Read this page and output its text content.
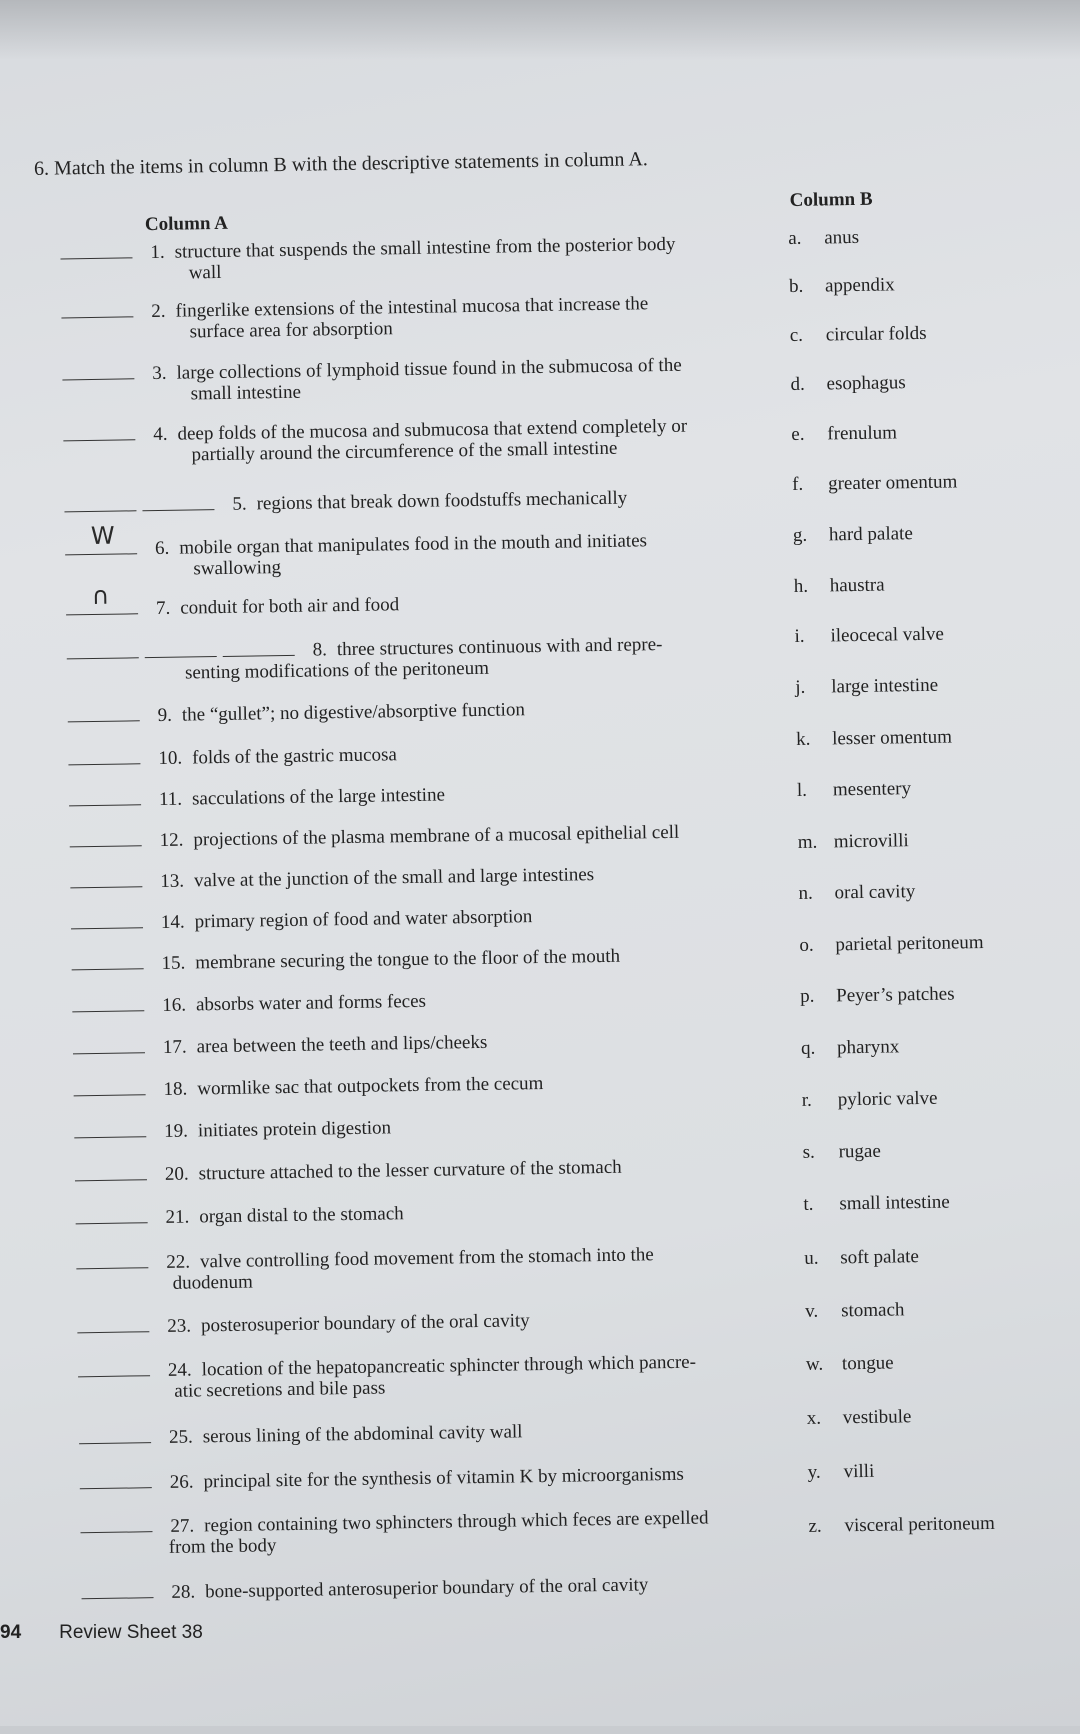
6. Match the items in column B with the descriptive statements in column A.
Column A
Column B
1. structure that suspends the small intestine from the posterior body
wall
2. fingerlike extensions of the intestinal mucosa that increase the
surface area for absorption
3. large collections of lymphoid tissue found in the submucosa of the
small intestine
4. deep folds of the mucosa and submucosa that extend completely or
partially around the circumference of the small intestine
5. regions that break down foodstuffs mechanically
W 6. mobile organ that manipulates food in the mouth and initiates
swallowing
∩ 7. conduit for both air and food
8. three structures continuous with and repre-
senting modifications of the peritoneum
9. the “gullet”; no digestive/absorptive function
10. folds of the gastric mucosa
11. sacculations of the large intestine
12. projections of the plasma membrane of a mucosal epithelial cell
13. valve at the junction of the small and large intestines
14. primary region of food and water absorption
15. membrane securing the tongue to the floor of the mouth
16. absorbs water and forms feces
17. area between the teeth and lips/cheeks
18. wormlike sac that outpockets from the cecum
19. initiates protein digestion
20. structure attached to the lesser curvature of the stomach
21. organ distal to the stomach
22. valve controlling food movement from the stomach into the
duodenum
23. posterosuperior boundary of the oral cavity
24. location of the hepatopancreatic sphincter through which pancre-
atic secretions and bile pass
25. serous lining of the abdominal cavity wall
26. principal site for the synthesis of vitamin K by microorganisms
27. region containing two sphincters through which feces are expelled
from the body
28. bone-supported anterosuperior boundary of the oral cavity
a. anus
b. appendix
c. circular folds
d. esophagus
e. frenulum
f. greater omentum
g. hard palate
h. haustra
i. ileocecal valve
j. large intestine
k. lesser omentum
l. mesentery
m. microvilli
n. oral cavity
o. parietal peritoneum
p. Peyer’s patches
q. pharynx
r. pyloric valve
s. rugae
t. small intestine
u. soft palate
v. stomach
w. tongue
x. vestibule
y. villi
z. visceral peritoneum
94 Review Sheet 38
